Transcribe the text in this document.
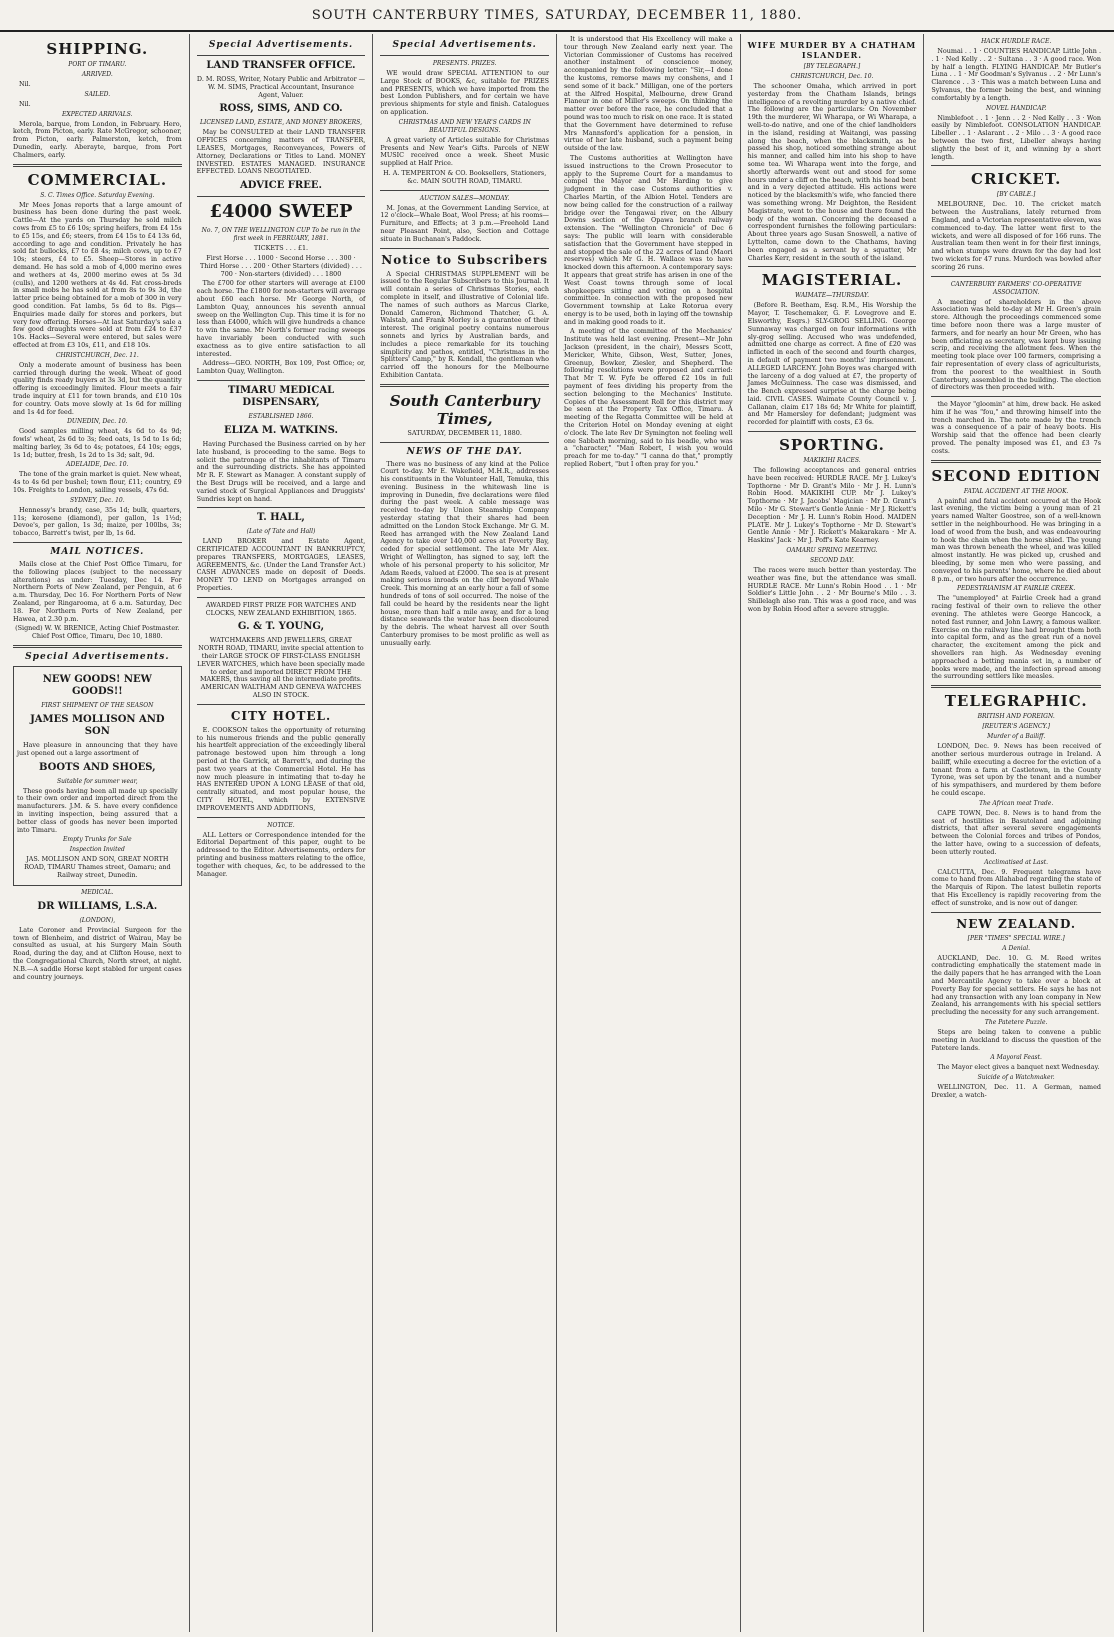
SOUTH CANTERBURY TIMES, SATURDAY, DECEMBER 11, 1880.
SHIPPING.
PORT OF TIMARU.
ARRIVED.

Nil.

SAILED.

Nil.

EXPECTED ARRIVALS.

Merola, barque, from London, in February. Hero, ketch, from Picton, early. Rate McGregor, schooner, from Picton, early. Palmerston, ketch, from Dunedin, early. Aberayte, barque, from Port Chalmers, early.

COMMERCIAL.
S. C. Times Office. Saturday Evening.

Mr Mees Jonas reports that a large amount of business has been done during the past week. Cattle—At the yards on Thursday he sold milch cows from £5 to £6 10s; spring heifers, from £4 15s to £5 15s, and £6; steers, from £4 15s to £4 13s 6d, according to age and condition. Privately he has sold fat bullocks, £7 to £8 4s; milch cows, up to £7 10s; steers, £4 to £5. Sheep—Stores in active demand. He has sold a mob of 4,000 merino ewes and wethers at 4s, 2000 merino ewes at 5s 3d (culls), and 1200 wethers at 4s 4d. Fat cross-breds in small mobs he has sold at from 8s to 9s 3d, the latter price being obtained for a mob of 300 in very good condition. Fat lambs, 5s 6d to 8s. Pigs—Enquiries made daily for stores and porkers, but very few offering. Horses—At last Saturday's sale a few good draughts were sold at from £24 to £37 10s. Hacks—Several were entered, but sales were effected at from £3 10s, £11, and £18 10s.

CHRISTCHURCH, Dec. 11.

Only a moderate amount of business has been carried through during the week. Wheat of good quality finds ready buyers at 3s 3d, but the quantity offering is exceedingly limited. Flour meets a fair trade inquiry at £11 for town brands, and £10 10s for country. Oats move slowly at 1s 6d for milling and 1s 4d for feed.

DUNEDIN, Dec. 10.

Good samples milling wheat, 4s 6d to 4s 9d; fowls' wheat, 2s 6d to 3s; feed oats, 1s 5d to 1s 6d; malting barley, 3s 6d to 4s; potatoes, £4 10s; eggs, 1s 1d; butter, fresh, 1s 2d to 1s 3d; salt, 9d.

ADELAIDE, Dec. 10.

The tone of the grain market is quiet. New wheat, 4s to 4s 6d per bushel; town flour, £11; country, £9 10s. Freights to London, sailing vessels, 47s 6d.

SYDNEY, Dec. 10.

Hennessy's brandy, case, 35s 1d; bulk, quarters, 11s; kerosene (diamond), per gallon, 1s 1½d; Devoe's, per gallon, 1s 3d; maize, per 100lbs, 3s; tobacco, Barrett's twist, per lb, 1s 6d.

MAIL NOTICES.

Mails close at the Chief Post Office Timaru, for the following places (subject to the necessary alterations) as under: Tuesday, Dec 14. For Northern Ports of New Zealand, per Penguin, at 6 a.m. Thursday, Dec 16. For Northern Ports of New Zealand, per Ringarooma, at 6 a.m. Saturday, Dec 18. For Northern Ports of New Zealand, per Hawea, at 2.30 p.m.

(Signed) W. W. BRENICE, Acting Chief Postmaster. Chief Post Office, Timaru, Dec 10, 1880.

Special Advertisements.
NEW GOODS! NEW GOODS!!
FIRST SHIPMENT OF THE SEASON
JAMES MOLLISON AND SON

Have pleasure in announcing that they have just opened out a large assortment of

BOOTS AND SHOES,
Suitable for summer wear,

These goods having been all made up specially to their own order and imported direct from the manufacturers. J.M. & S. have every confidence in inviting inspection, being assured that a better class of goods has never been imported into Timaru.

Empty Trunks for Sale
Inspection Invited

JAS. MOLLISON AND SON, GREAT NORTH ROAD, TIMARU Thames street, Oamaru; and Railway street, Dunedin.

MEDICAL.
DR WILLIAMS, L.S.A.
(LONDON),

Late Coroner and Provincial Surgeon for the town of Blenheim, and district of Wairau, May be consulted as usual, at his Surgery Main South Road, during the day, and at Clifton House, next to the Congregational Church, North street, at night. N.B.—A saddle Horse kept stabled for urgent cases and country journeys.

Special Advertisements.
LAND TRANSFER OFFICE.

D. M. ROSS, Writer, Notary Public and Arbitrator — W. M. SIMS, Practical Accountant, Insurance Agent, Valuer.

ROSS, SIMS, AND CO.
LICENSED LAND, ESTATE, AND MONEY BROKERS,

May be CONSULTED at their LAND TRANSFER OFFICES concerning matters of TRANSFER, LEASES, Mortgages, Reconveyances, Powers of Attorney, Declarations or Titles to Land. MONEY INVESTED. ESTATES MANAGED. INSURANCE EFFECTED. LOANS NEGOTIATED.

ADVICE FREE.
£4000 SWEEP
No. 7, ON THE WELLINGTON CUP To be run in the first week in FEBRUARY, 1881.

TICKETS . . . £1.

First Horse . . . 1000 · Second Horse . . . 300 · Third Horse . . . 200 · Other Starters (divided) . . . 700 · Non-starters (divided) . . . 1800

The £700 for other starters will average at £100 each horse. The £1800 for non-starters will average about £60 each horse. Mr George North, of Lambton Quay, announces his seventh annual sweep on the Wellington Cup. This time it is for no less than £4000, which will give hundreds a chance to win the same. Mr North's former racing sweeps have invariably been conducted with such exactness as to give entire satisfaction to all interested.

Address—GEO. NORTH, Box 109, Post Office; or, Lambton Quay, Wellington.

TIMARU MEDICAL DISPENSARY,
ESTABLISHED 1866.
ELIZA M. WATKINS.

Having Purchased the Business carried on by her late husband, is proceeding to the same. Begs to solicit the patronage of the inhabitants of Timaru and the surrounding districts. She has appointed Mr R. F. Stewart as Manager. A constant supply of the Best Drugs will be received, and a large and varied stock of Surgical Appliances and Druggists' Sundries kept on hand.

T. HALL,
(Late of Tate and Hall)

LAND BROKER and Estate Agent, CERTIFICATED ACCOUNTANT IN BANKRUPTCY, prepares TRANSFERS, MORTGAGES, LEASES, AGREEMENTS, &c. (Under the Land Transfer Act.) CASH ADVANCES made on deposit of Deeds. MONEY TO LEND on Mortgages arranged on Properties.

AWARDED FIRST PRIZE FOR WATCHES AND CLOCKS, NEW ZEALAND EXHIBITION, 1865.

G. & T. YOUNG,

WATCHMAKERS AND JEWELLERS, GREAT NORTH ROAD, TIMARU, invite special attention to their LARGE STOCK OF FIRST-CLASS ENGLISH LEVER WATCHES, which have been specially made to order, and imported DIRECT FROM THE MAKERS, thus saving all the intermediate profits. AMERICAN WALTHAM AND GENEVA WATCHES ALSO IN STOCK.

CITY HOTEL.

E. COOKSON takes the opportunity of returning to his numerous friends and the public generally his heartfelt appreciation of the exceedingly liberal patronage bestowed upon him through a long period at the Garrick, at Barrett's, and during the past two years at the Commercial Hotel. He has now much pleasure in intimating that to-day he HAS ENTERED UPON A LONG LEASE of that old, centrally situated, and most popular house, the CITY HOTEL, which by EXTENSIVE IMPROVEMENTS AND ADDITIONS,

NOTICE.

ALL Letters or Correspondence intended for the Editorial Department of this paper, ought to be addressed to the Editor. Advertisements, orders for printing and business matters relating to the office, together with cheques, &c, to be addressed to the Manager.

Special Advertisements.
PRESENTS. PRIZES.

WE would draw SPECIAL ATTENTION to our Large Stock of BOOKS, &c, suitable for PRIZES and PRESENTS, which we have imported from the best London Publishers, and for certain we have previous shipments for style and finish. Catalogues on application.

CHRISTMAS AND NEW YEAR'S CARDS IN BEAUTIFUL DESIGNS.

A great variety of Articles suitable for Christmas Presents and New Year's Gifts. Parcels of NEW MUSIC received once a week. Sheet Music supplied at Half Price.

H. A. TEMPERTON & CO. Booksellers, Stationers, &c. MAIN SOUTH ROAD, TIMARU.

AUCTION SALES—MONDAY.

M. Jonas, at the Government Landing Service, at 12 o'clock—Whale Boat, Wool Press; at his rooms—Furniture, and Effects; at 3 p.m.—Freehold Land near Pleasant Point, also, Section and Cottage situate in Buchanan's Paddock.

Notice to Subscribers

A Special CHRISTMAS SUPPLEMENT will be issued to the Regular Subscribers to this Journal. It will contain a series of Christmas Stories, each complete in itself, and illustrative of Colonial life. The names of such authors as Marcus Clarke, Donald Cameron, Richmond Thatcher, G. A. Walstab, and Frank Morley is a guarantee of their interest. The original poetry contains numerous sonnets and lyrics by Australian bards, and includes a piece remarkable for its touching simplicity and pathos, entitled, "Christmas in the Splitters' Camp," by R. Kendall, the gentleman who carried off the honours for the Melbourne Exhibition Cantata.

South Canterbury Times,
SATURDAY, DECEMBER 11, 1880.
NEWS OF THE DAY.

There was no business of any kind at the Police Court to-day. Mr E. Wakefield, M.H.R., addresses his constituents in the Volunteer Hall, Temuka, this evening. Business in the whitewash line is improving in Dunedin, five declarations were filed during the past week. A cable message was received to-day by Union Steamship Company yesterday stating that their shares had been admitted on the London Stock Exchange. Mr G. M. Reed has arranged with the New Zealand Land Agency to take over 140,000 acres at Poverty Bay, ceded for special settlement. The late Mr Alex. Wright of Wellington, has signed to say, left the whole of his personal property to his solicitor, Mr Adam Reeds, valued at £2000. The sea is at present making serious inroads on the cliff beyond Whale Creek. This morning at an early hour a fall of some hundreds of tons of soil occurred. The noise of the fall could be heard by the residents near the light house, more than half a mile away, and for a long distance seawards the water has been discoloured by the debris. The wheat harvest all over South Canterbury promises to be most prolific as well as unusually early.

It is understood that His Excellency will make a tour through New Zealand early next year. The Victorian Commissioner of Customs has received another instalment of conscience money, accompanied by the following letter: "Sir,—I done the kustoms, remorse maws my conshens, and I send some of it back." Milligan, one of the porters at the Alfred Hospital, Melbourne, drew Grand Flaneur in one of Miller's sweeps. On thinking the matter over before the race, he concluded that a pound was too much to risk on one race. It is stated that the Government have determined to refuse Mrs Mannsford's application for a pension, in virtue of her late husband, such a payment being outside of the law.

The Customs authorities at Wellington have issued instructions to the Crown Prosecutor to apply to the Supreme Court for a mandamus to compel the Mayor and Mr Harding to give judgment in the case Customs authorities v. Charles Martin, of the Albion Hotel. Tenders are now being called for the construction of a railway bridge over the Tengawai river, on the Albury Downs section of the Opawa branch railway extension. The "Wellington Chronicle" of Dec 6 says: The public will learn with considerable satisfaction that the Government have stepped in and stopped the sale of the 22 acres of land (Maori reserves) which Mr G. H. Wallace was to have knocked down this afternoon. A contemporary says: It appears that great strife has arisen in one of the West Coast towns through some of local shopkeepers sitting and voting on a hospital committee. In connection with the proposed new Government township at Lake Rotorua every energy is to be used, both in laying off the township and in making good roads to it.

A meeting of the committee of the Mechanics' Institute was held last evening. Present—Mr John Jackson (president, in the chair), Messrs Scott, Mericker, White, Gibson, West, Sutter, Jones, Greenup, Bowker, Ziesler, and Shepherd. The following resolutions were proposed and carried: That Mr T. W. Fyfe be offered £2 10s in full payment of fees dividing his property from the section belonging to the Mechanics' Institute. Copies of the Assessment Roll for this district may be seen at the Property Tax Office, Timaru. A meeting of the Regatta Committee will be held at the Criterion Hotel on Monday evening at eight o'clock. The late Rev Dr Symington not feeling well one Sabbath morning, said to his beadle, who was a "character," "Man Robert, I wish you would preach for me to-day." "I canna do that," promptly replied Robert, "but I often pray for you."

WIFE MURDER BY A CHATHAM ISLANDER.
[BY TELEGRAPH.]
CHRISTCHURCH, Dec. 10.

The schooner Omaha, which arrived in port yesterday from the Chatham Islands, brings intelligence of a revolting murder by a native chief. The following are the particulars: On November 19th the murderer, Wi Wharapa, or Wi Wharapa, a well-to-do native, and one of the chief landholders in the island, residing at Waitangi, was passing along the beach, when the blacksmith, as he passed his shop, noticed something strange about his manner, and called him into his shop to have some tea. Wi Wharapa went into the forge, and shortly afterwards went out and stood for some hours under a cliff on the beach, with his head bent and in a very dejected attitude. His actions were noticed by the blacksmith's wife, who fancied there was something wrong. Mr Deighton, the Resident Magistrate, went to the house and there found the body of the woman. Concerning the deceased a correspondent furnishes the following particulars: About three years ago Susan Snoswell, a native of Lyttelton, came down to the Chathams, having been engaged as a servant by a squatter, Mr Charles Kerr, resident in the south of the island.

MAGISTERIAL.
WAIMATE—THURSDAY.

(Before R. Beetham, Esq. R.M., His Worship the Mayor, T. Teschemaker, G. F. Lovegrove and E. Elsworthy, Esqrs.) SLY-GROG SELLING. George Sunnaway was charged on four informations with sly-grog selling. Accused who was undefended, admitted one charge as correct. A fine of £20 was inflicted in each of the second and fourth charges, in default of payment two months' imprisonment. ALLEGED LARCENY. John Boyes was charged with the larceny of a dog valued at £7, the property of James McGuinness. The case was dismissed, and the Bench expressed surprise at the charge being laid. CIVIL CASES. Waimate County Council v. J. Callanan, claim £17 18s 6d; Mr White for plaintiff, and Mr Hamersley for defendant; judgment was recorded for plaintiff with costs, £3 6s.

SPORTING.
MAKIKIHI RACES.

The following acceptances and general entries have been received: HURDLE RACE. Mr J. Lukey's Topthorne · Mr D. Grant's Milo · Mr J. H. Lunn's Robin Hood. MAKIKIHI CUP. Mr J. Lukey's Topthorne · Mr J. Jacobs' Magician · Mr D. Grant's Milo · Mr G. Stewart's Gentle Annie · Mr J. Rickett's Deception · Mr J. H. Lunn's Robin Hood. MAIDEN PLATE. Mr J. Lukey's Topthorne · Mr D. Stewart's Gentle Annie · Mr J. Rickett's Makarakara · Mr A. Haskins' Jack · Mr J. Poff's Kate Kearney.

OAMARU SPRING MEETING.
SECOND DAY.

The races were much better than yesterday. The weather was fine, but the attendance was small. HURDLE RACE. Mr Lunn's Robin Hood . . 1 · Mr Soldier's Little John . . 2 · Mr Bourne's Milo . . 3. Shillelagh also ran. This was a good race, and was won by Robin Hood after a severe struggle.

HACK HURDLE RACE.

Noumai . . 1 · COUNTIES HANDICAP. Little John . . 1 · Ned Kelly . . 2 · Sultana . . 3 · A good race. Won by half a length. FLYING HANDICAP. Mr Butler's Luna . . 1 · Mr Goodman's Sylvanus . . 2 · Mr Lunn's Clarence . . 3 · This was a match between Luna and Sylvanus, the former being the best, and winning comfortably by a length.

NOVEL HANDICAP.

Nimblefoot . . 1 · Jenn . . 2 · Ned Kelly . . 3 · Won easily by Nimblefoot. CONSOLATION HANDICAP. Libeller . . 1 · Aslarant . . 2 · Milo . . 3 · A good race between the two first, Libeller always having slightly the best of it, and winning by a short length.

CRICKET.
[BY CABLE.]

MELBOURNE, Dec. 10. The cricket match between the Australians, lately returned from England, and a Victorian representative eleven, was commenced to-day. The latter went first to the wickets, and were all disposed of for 166 runs. The Australian team then went in for their first innings, and when stumps were drawn for the day had lost two wickets for 47 runs. Murdoch was bowled after scoring 26 runs.

CANTERBURY FARMERS' CO-OPERATIVE ASSOCIATION.

A meeting of shareholders in the above Association was held to-day at Mr H. Green's grain store. Although the proceedings commenced some time before noon there was a large muster of farmers, and for nearly an hour Mr Green, who has been officiating as secretary, was kept busy issuing scrip, and receiving the allotment fees. When the meeting took place over 100 farmers, comprising a fair representation of every class of agriculturists, from the poorest to the wealthiest in South Canterbury, assembled in the building. The election of directors was then proceeded with.

the Mayor "gloomin" at him, drew back. He asked him if he was "fou," and throwing himself into the trench marched in. The note made by the trench was a consequence of a pair of heavy boots. His Worship said that the offence had been clearly proved. The penalty imposed was £1, and £3 7s costs.

SECOND EDITION
FATAL ACCIDENT AT THE HOOK.

A painful and fatal accident occurred at the Hook last evening, the victim being a young man of 21 years named Walter Goostree, son of a well-known settler in the neighbourhood. He was bringing in a load of wood from the bush, and was endeavouring to hook the chain when the horse shied. The young man was thrown beneath the wheel, and was killed almost instantly. He was picked up, crushed and bleeding, by some men who were passing, and conveyed to his parents' home, where he died about 8 p.m., or two hours after the occurrence.

PEDESTRIANISM AT FAIRLIE CREEK.

The "unemployed" at Fairlie Creek had a grand racing festival of their own to relieve the other evening. The athletes were George Hancock, a noted fast runner, and John Lawry, a famous walker. Exercise on the railway line had brought them both into capital form, and as the great run of a novel character, the excitement among the pick and shovellers ran high. As Wednesday evening approached a betting mania set in, a number of books were made, and the infection spread among the surrounding settlers like measles.

TELEGRAPHIC.
BRITISH AND FOREIGN.
[REUTER'S AGENCY.]
Murder of a Bailiff.

LONDON, Dec. 9. News has been received of another serious murderous outrage in Ireland. A bailiff, while executing a decree for the eviction of a tenant from a farm at Castletown, in the County Tyrone, was set upon by the tenant and a number of his sympathisers, and murdered by them before he could escape.

The African meat Trade.

CAPE TOWN, Dec. 8. News is to hand from the seat of hostilities in Basutoland and adjoining districts, that after several severe engagements between the Colonial forces and tribes of Pondos, the latter have, owing to a succession of defeats, been utterly routed.

Acclimatised at Last.

CALCUTTA, Dec. 9. Frequent telegrams have come to hand from Allahabad regarding the state of the Marquis of Ripon. The latest bulletin reports that His Excellency is rapidly recovering from the effect of sunstroke, and is now out of danger.

NEW ZEALAND.
[PER "TIMES" SPECIAL WIRE.]
A Denial.

AUCKLAND, Dec. 10. G. M. Reed writes contradicting emphatically the statement made in the daily papers that he has arranged with the Loan and Mercantile Agency to take over a block at Poverty Bay for special settlers. He says he has not had any transaction with any loan company in New Zealand, his arrangements with his special settlers precluding the necessity for any such arrangement.

The Patetere Puzzle.

Steps are being taken to convene a public meeting in Auckland to discuss the question of the Patetere lands.

A Mayoral Feast.

The Mayor elect gives a banquet next Wednesday.

Suicide of a Watchmaker.

WELLINGTON, Dec. 11. A German, named Drexler, a watch-
